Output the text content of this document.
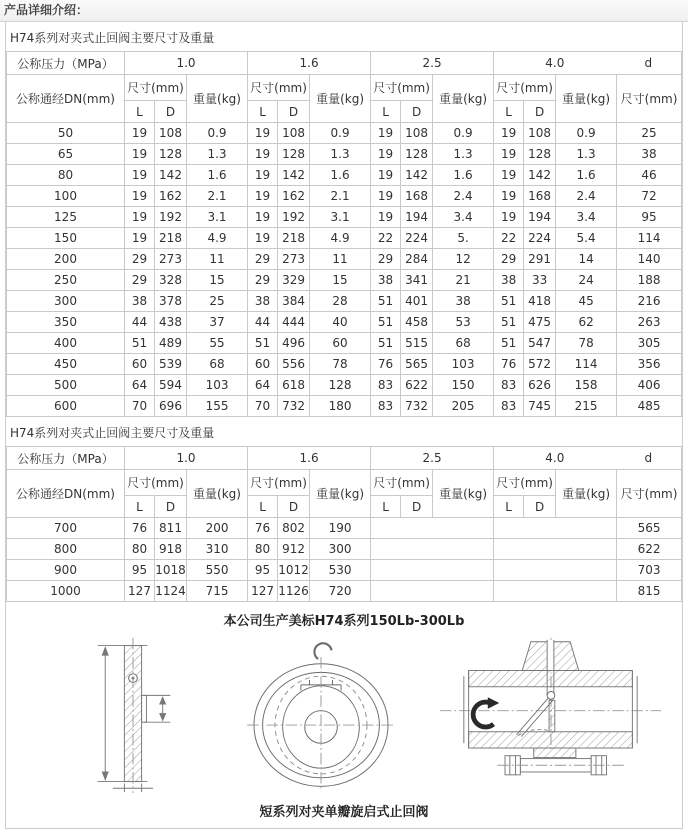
产品详细介绍：
H74系列对夹式止回阀主要尺寸及重量
公称压力（MPa）	1.0			1.6			2.5			4.0 d			

公称通经DN(mm)	尺寸(mm)		重量(kg)	尺寸(mm)		重量(kg)	尺寸(mm)		重量(kg)	尺寸(mm)		重量(kg)	尺寸(mm)
	L	D		L	D		L	D		L	D		
50	19	108	0.9	19	108	0.9	19	108	0.9	19	108	0.9	25
65	19	128	1.3	19	128	1.3	19	128	1.3	19	128	1.3	38
80	19	142	1.6	19	142	1.6	19	142	1.6	19	142	1.6	46
100	19	162	2.1	19	162	2.1	19	168	2.4	19	168	2.4	72
125	19	192	3.1	19	192	3.1	19	194	3.4	19	194	3.4	95
150	19	218	4.9	19	218	4.9	22	224	5.	22	224	5.4	114
200	29	273	11	29	273	11	29	284	12	29	291	14	140
250	29	328	15	29	329	15	38	341	21	38	33	24	188
300	38	378	25	38	384	28	51	401	38	51	418	45	216
350	44	438	37	44	444	40	51	458	53	51	475	62	263
400	51	489	55	51	496	60	51	515	68	51	547	78	305
450	60	539	68	60	556	78	76	565	103	76	572	114	356
500	64	594	103	64	618	128	83	622	150	83	626	158	406
600	70	696	155	70	732	180	83	732	205	83	745	215	485
H74系列对夹式止回阀主要尺寸及重量
公称压力（MPa）	1.0			1.6			2.5			4.0 d			

公称通经DN(mm)	尺寸(mm)		重量(kg)	尺寸(mm)		重量(kg)	尺寸(mm)		重量(kg)	尺寸(mm)		重量(kg)	尺寸(mm)
	L	D		L	D		L	D		L	D		
700	76	811	200	76	802	190							565
800	80	918	310	80	912	300							622
900	95	1018	550	95	1012	530							703
1000	127	1124	715	127	1126	720							815
本公司生产美标H74系列150Lb-300Lb
短系列对夹单瓣旋启式止回阀
